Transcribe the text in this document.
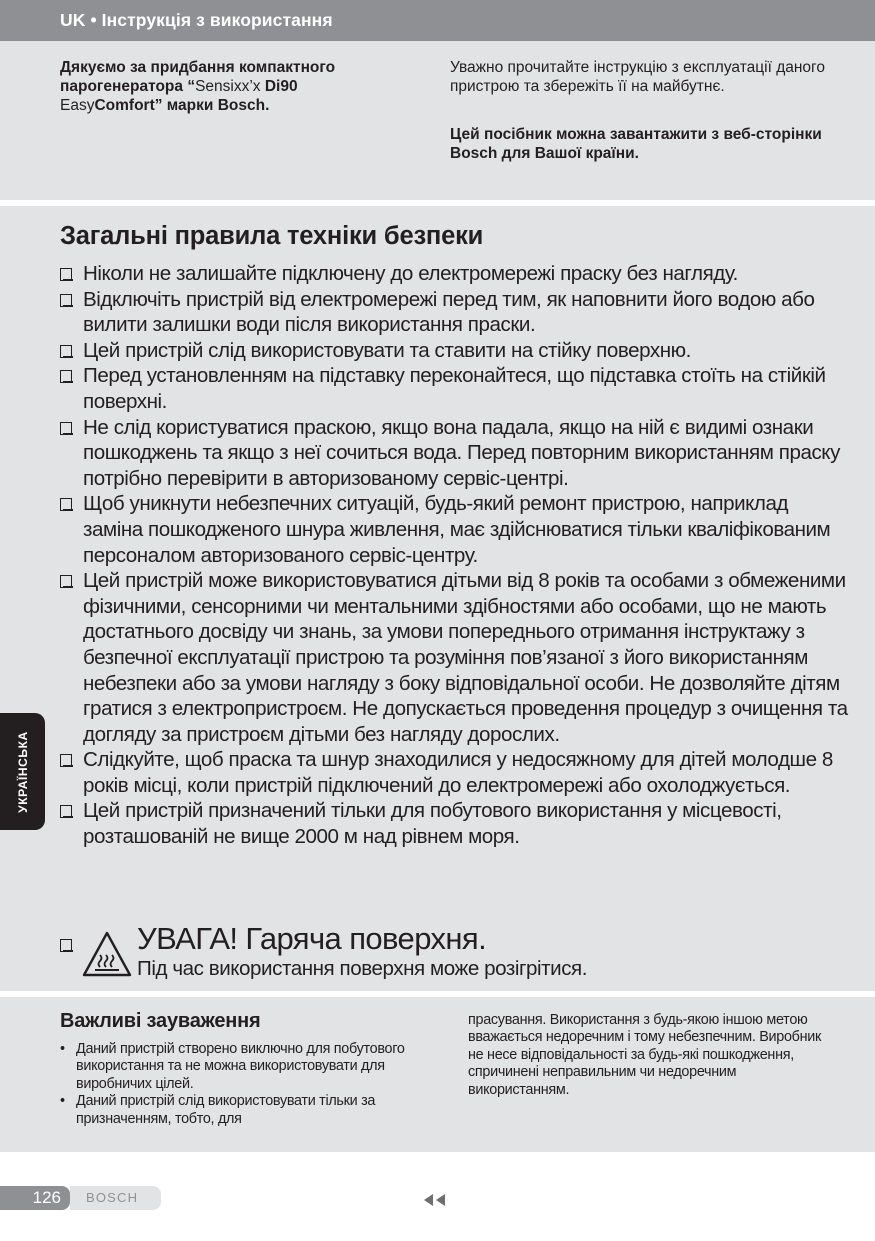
UK • Інструкція з використання
Дякуємо за придбання компактного парогенератора “Sensixx’x Di90
EasyComfort” марки Bosch.
Уважно прочитайте інструкцію з експлуатації даного пристрою та збережіть її на майбутнє.
Цей посібник можна завантажити з веб-сторінки Bosch для Вашої країни.
Загальні правила техніки безпеки
Ніколи не залишайте підключену до електромережі праску без нагляду.
Відключіть пристрій від електромережі перед тим, як наповнити його водою або вилити залишки води після використання праски.
Цей пристрій слід використовувати та ставити на стійку поверхню.
Перед установленням на підставку переконайтеся, що підставка стоїть на стійкій поверхні.
Не слід користуватися праскою, якщо вона падала, якщо на ній є видимі ознаки пошкоджень та якщо з неї сочиться вода. Перед повторним використанням праску потрібно перевірити в авторизованому сервіс-центрі.
Щоб уникнути небезпечних ситуацій, будь-який ремонт пристрою, наприклад заміна пошкодженого шнура живлення, має здійснюватися тільки кваліфікованим персоналом авторизованого сервіс-центру.
Цей пристрій може використовуватися дітьми від 8 років та особами з обмеженими фізичними, сенсорними чи ментальними здібностями або особами, що не мають достатнього досвіду чи знань, за умови попереднього отримання інструктажу з безпечної експлуатації пристрою та розуміння пов’язаної з його використанням небезпеки або за умови нагляду з боку відповідальної особи. Не дозволяйте дітям гратися з електропристроєм. Не допускається проведення процедур з очищення та догляду за пристроєм дітьми без нагляду дорослих.
Слідкуйте, щоб праска та шнур знаходилися у недосяжному для дітей молодше 8 років місці, коли пристрій підключений до електромережі або охолоджується.
Цей пристрій призначений тільки для побутового використання у місцевості, розташованій не вище 2000 м над рівнем моря.
УВАГА! Гаряча поверхня.
Під час використання поверхня може розігрітися.
Важливі зауваження
• Даний пристрій створено виключно для побутового використання та не можна використовувати для виробничих цілей.
• Даний пристрій слід використовувати тільки за призначенням, тобто, для
прасування. Використання з будь-якою іншою метою вважається недоречним і тому небезпечним. Виробник не несе відповідальності за будь-які пошкодження, спричинені неправильним чи недоречним використанням.
УКРАЇНСЬКА
126	BOSCH
